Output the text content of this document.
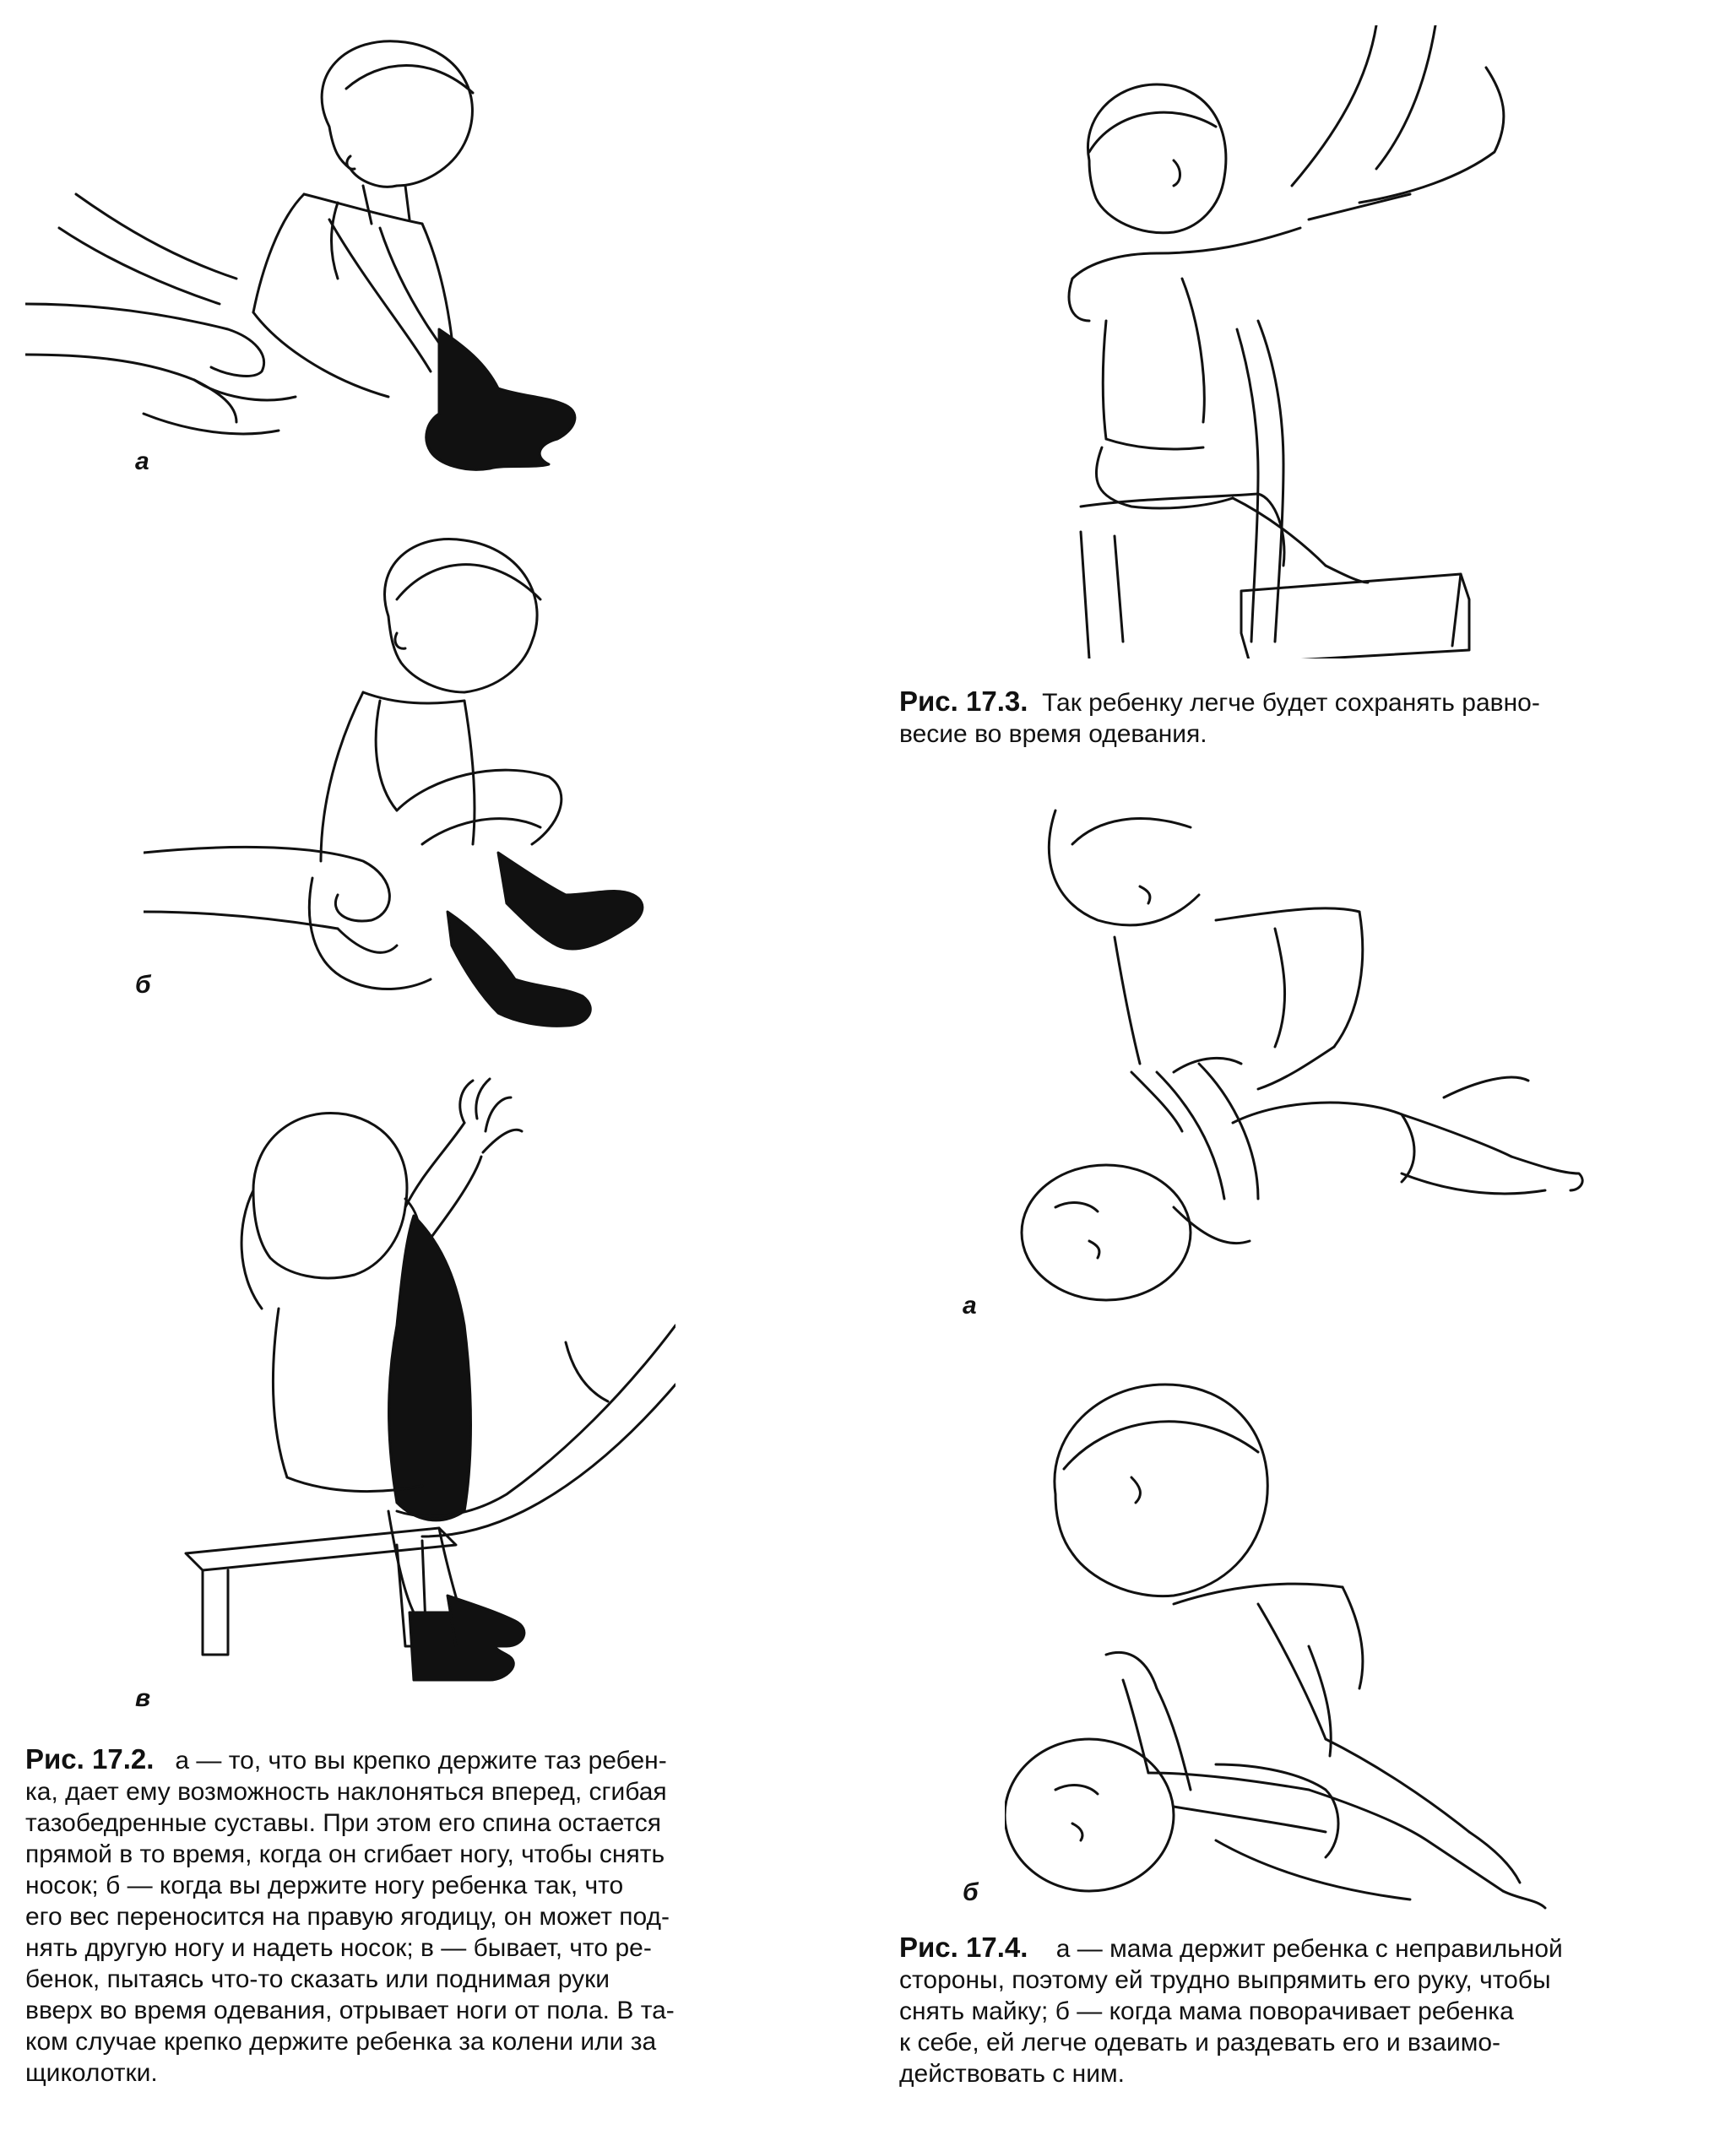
а
б
в
Рис. 17.2. а — то, что вы крепко держите таз ребен-
ка, дает ему возможность наклоняться вперед, сгибая
тазобедренные суставы. При этом его спина остается
прямой в то время, когда он сгибает ногу, чтобы снять
носок; б — когда вы держите ногу ребенка так, что
его вес переносится на правую ягодицу, он может под-
нять другую ногу и надеть носок; в — бывает, что ре-
бенок, пытаясь что-то сказать или поднимая руки
вверх во время одевания, отрывает ноги от пола. В та-
ком случае крепко держите ребенка за колени или за
щиколотки.
Рис. 17.3. Так ребенку легче будет сохранять равно-
весие во время одевания.
а
б
Рис. 17.4. а — мама держит ребенка с неправильной
стороны, поэтому ей трудно выпрямить его руку, чтобы
снять майку; б — когда мама поворачивает ребенка
к себе, ей легче одевать и раздевать его и взаимо-
действовать с ним.
